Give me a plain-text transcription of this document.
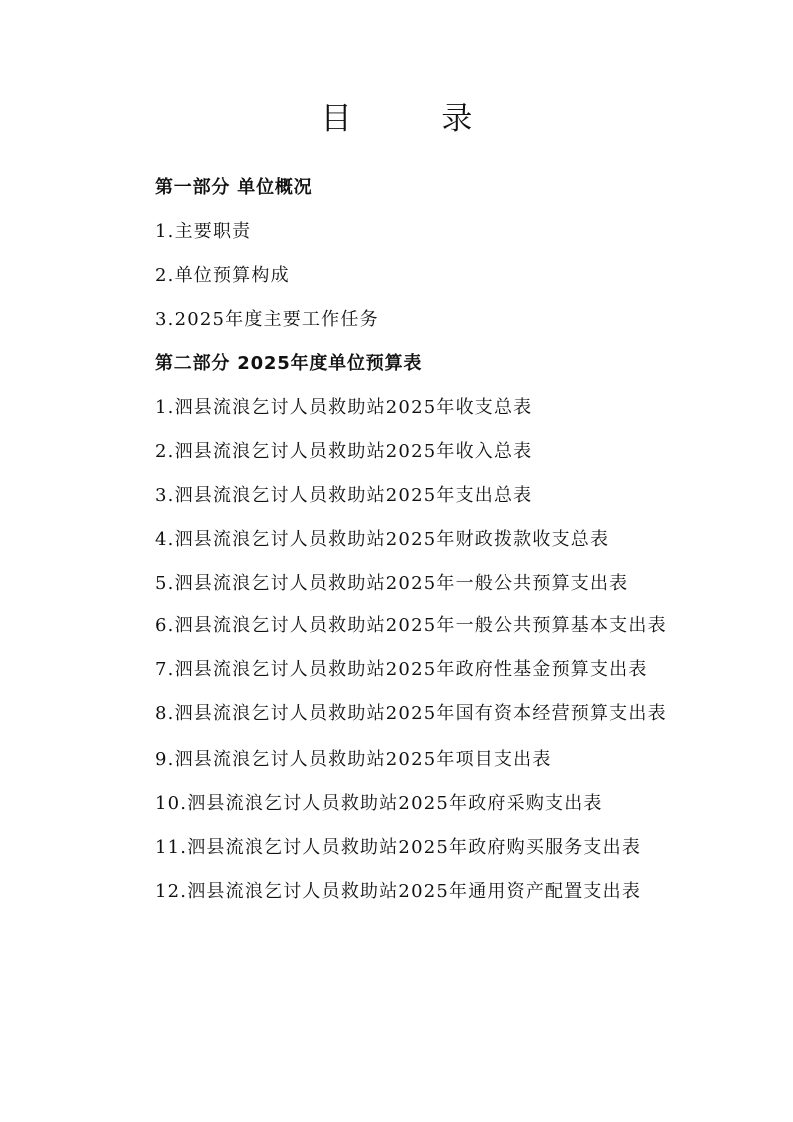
目 录
第一部分 单位概况
1.主要职责
2.单位预算构成
3.2025年度主要工作任务
第二部分 2025年度单位预算表
1.泗县流浪乞讨人员救助站2025年收支总表
2.泗县流浪乞讨人员救助站2025年收入总表
3.泗县流浪乞讨人员救助站2025年支出总表
4.泗县流浪乞讨人员救助站2025年财政拨款收支总表
5.泗县流浪乞讨人员救助站2025年一般公共预算支出表
6.泗县流浪乞讨人员救助站2025年一般公共预算基本支出表
7.泗县流浪乞讨人员救助站2025年政府性基金预算支出表
8.泗县流浪乞讨人员救助站2025年国有资本经营预算支出表
9.泗县流浪乞讨人员救助站2025年项目支出表
10.泗县流浪乞讨人员救助站2025年政府采购支出表
11.泗县流浪乞讨人员救助站2025年政府购买服务支出表
12.泗县流浪乞讨人员救助站2025年通用资产配置支出表
